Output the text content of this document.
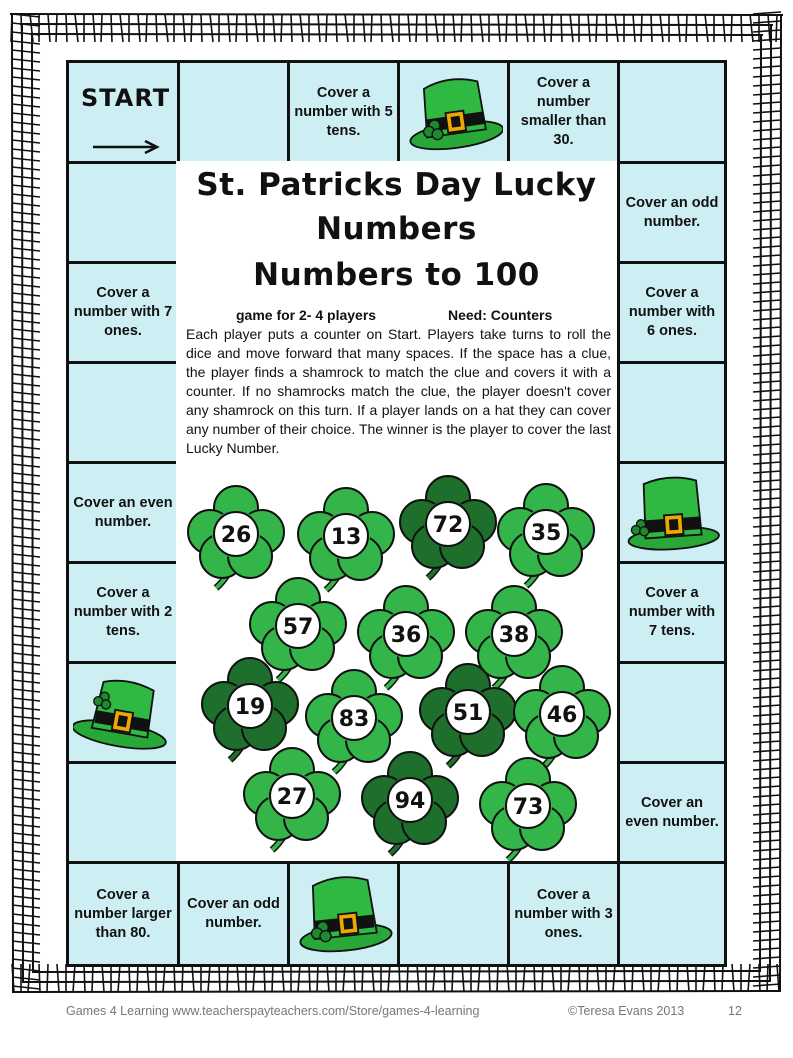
START	Cover a number with 5 tens.
Cover a number smaller than 30.
Cover a number with 7 ones.
Cover an even number.
Cover a number with 2 tens.
Cover an odd number.
Cover a number with 6 ones.
Cover a number with 7 tens.
Cover an even number.
Cover a number larger than 80.
Cover an odd number.
Cover a number with 3 ones.
St. Patricks Day Lucky
Numbers
Numbers to 100
game for 2- 4 players	Need: Counters
Each player puts a counter on Start. Players take turns to roll the dice and move forward that many spaces. If the space has a clue, the player finds a shamrock to match the clue and covers it with a counter. If no shamrocks match the clue, the player doesn't cover any shamrock on this turn. If a player lands on a hat they can cover any number of their choice. The winner is the player to cover the last Lucky Number.
26	13	72	35
57	36	38
19	83	51	46
27	94	73
Games 4 Learning www.teacherspayteachers.com/Store/games-4-learning	©Teresa Evans 2013	12
